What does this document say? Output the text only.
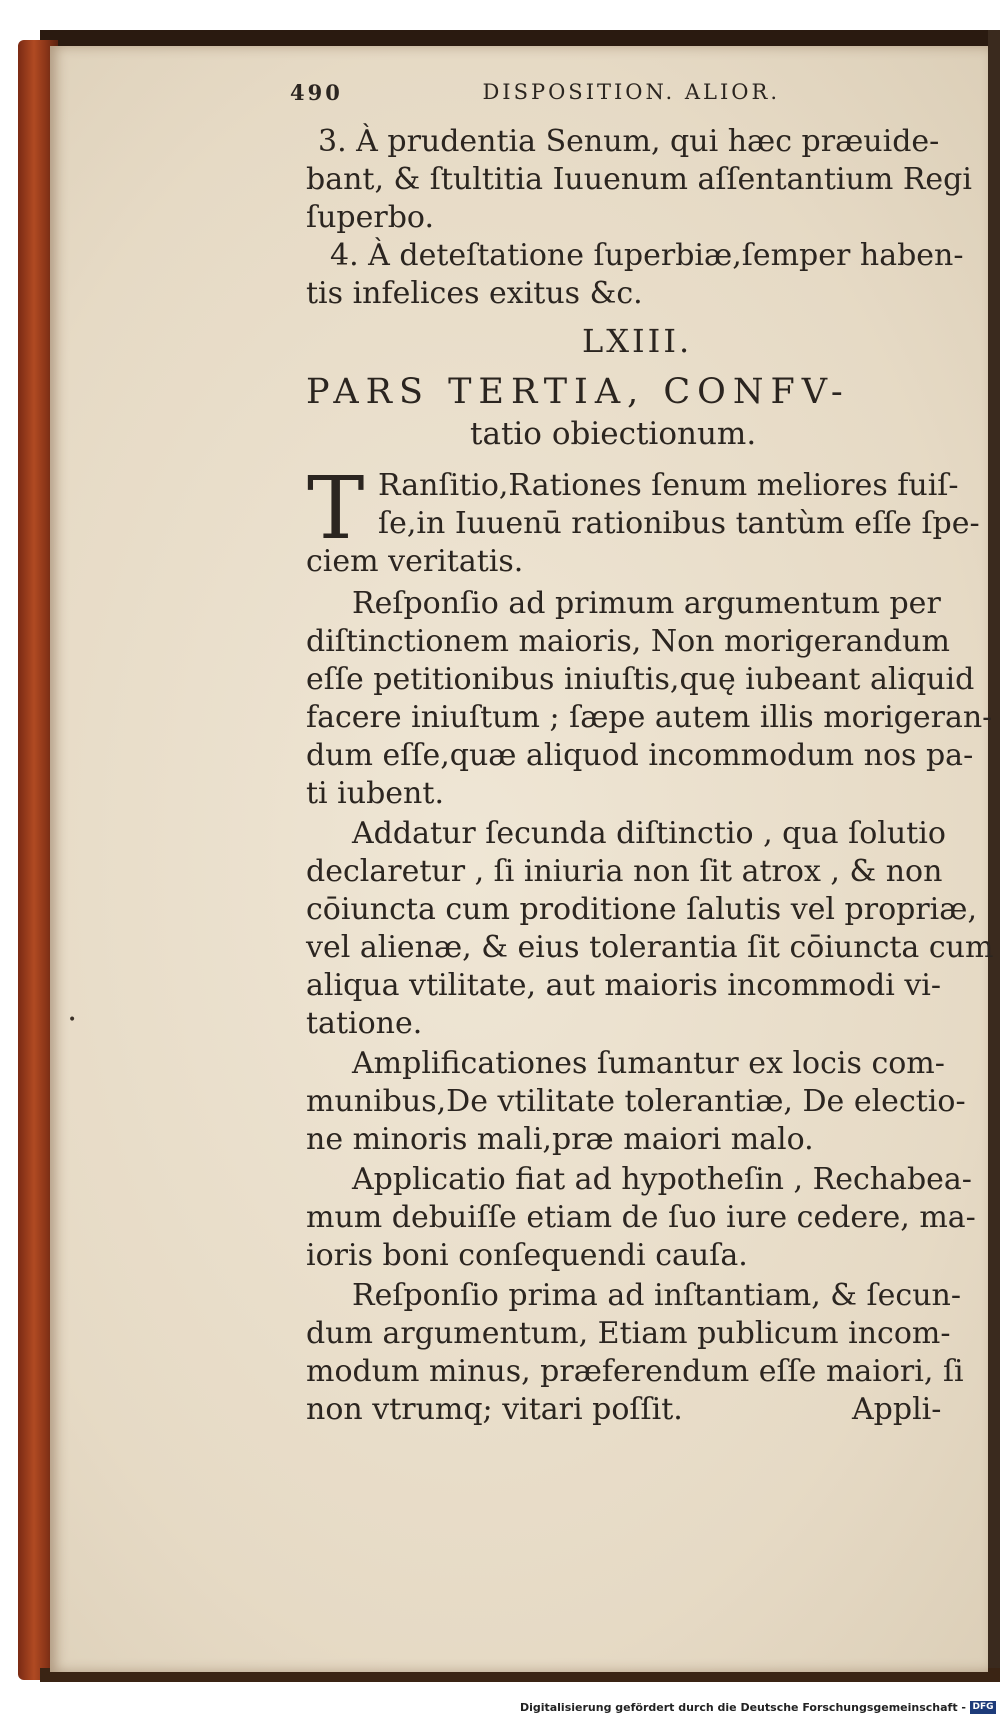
490	DISPOSITION. ALIOR.
3. À prudentia Senum, qui hæc præuide-
bant, & ſtultitia Iuuenum aſſentantium Regi
ſuperbo.
4. À deteſtatione ſuperbiæ,ſemper haben-
tis infelices exitus &c.
LXIII.
PARS TERTIA, CONFV-
tatio obiectionum.
T Ranſitio,Rationes ſenum meliores fuiſ-
ſe,in Iuuenū rationibus tantùm eſſe ſpe-
ciem veritatis.
Reſponſio ad primum argumentum per
diſtinctionem maioris, Non morigerandum
eſſe petitionibus iniuſtis,quę iubeant aliquid
facere iniuſtum ; ſæpe autem illis morigeran-
dum eſſe,quæ aliquod incommodum nos pa-
ti iubent.
Addatur ſecunda diſtinctio , qua ſolutio
declaretur , ſi iniuria non ſit atrox , & non
cōiuncta cum proditione ſalutis vel propriæ,
vel alienæ, & eius tolerantia ſit cōiuncta cum
aliqua vtilitate, aut maioris incommodi vi-
tatione.
Amplificationes ſumantur ex locis com-
munibus,De vtilitate tolerantiæ, De electio-
ne minoris mali,præ maiori malo.
Applicatio fiat ad hypotheſin , Rechabea-
mum debuiſſe etiam de ſuo iure cedere, ma-
ioris boni conſequendi cauſa.
Reſponſio prima ad inſtantiam, & ſecun-
dum argumentum, Etiam publicum incom-
modum minus, præferendum eſſe maiori, ſi
non vtrumq; vitari poſſit.	Appli-
•
Digitalisierung gefördert durch die Deutsche Forschungsgemeinschaft - DFG
